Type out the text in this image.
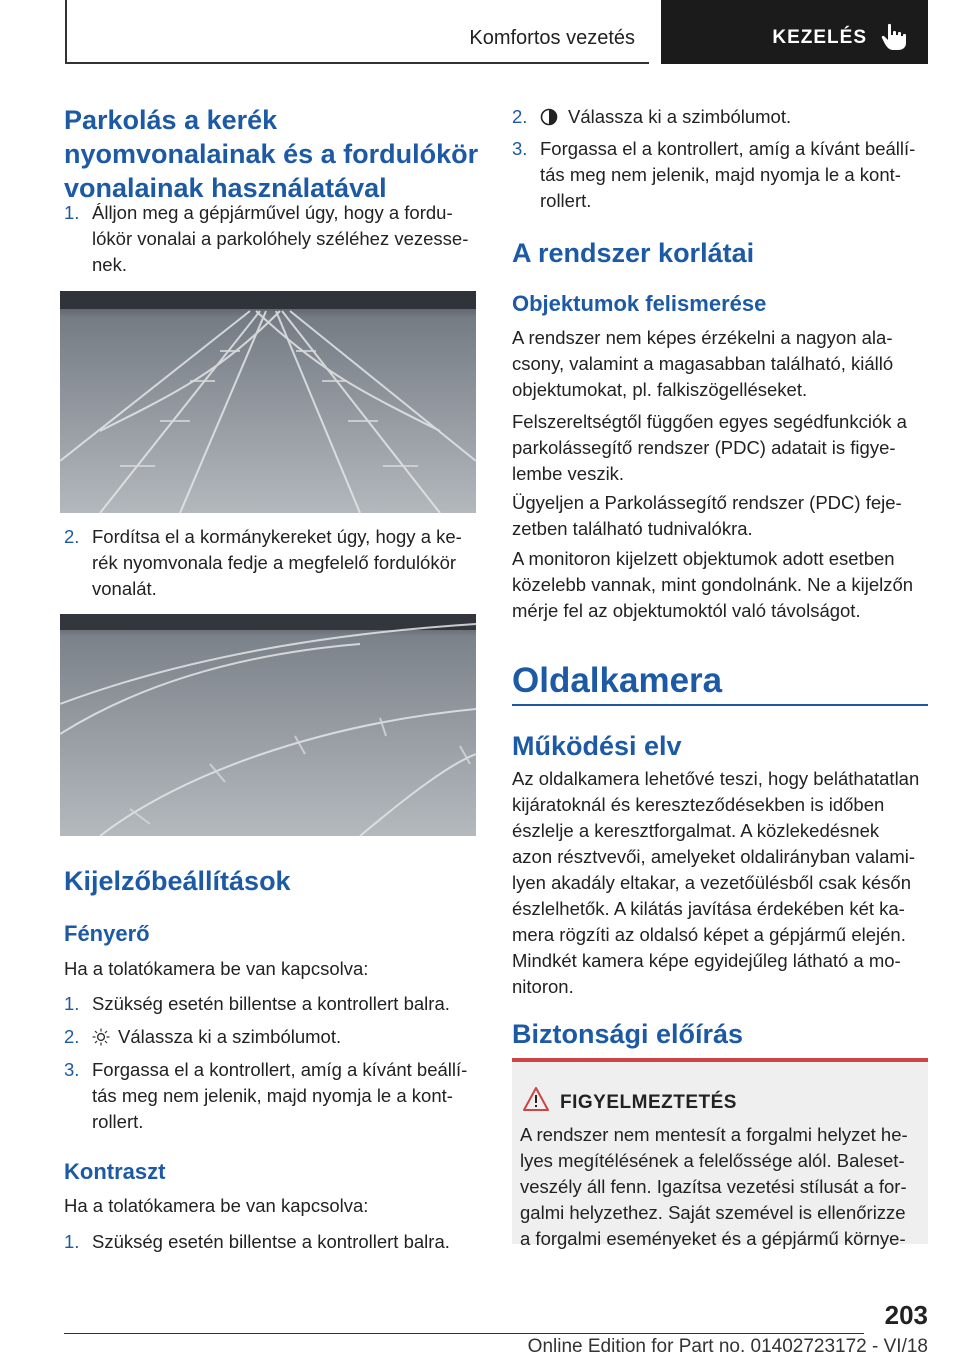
Komfortos vezetés	KEZELÉS
Parkolás a kerék
nyomvonalainak és a fordulókör
vonalainak használatával
1. Álljon meg a gépjárművel úgy, hogy a fordu‐
lókör vonalai a parkolóhely széléhez vezesse‐
nek.
2. Fordítsa el a kormánykereket úgy, hogy a ke‐
rék nyomvonala fedje a megfelelő fordulókör
vonalát.
Kijelzőbeállítások
Fényerő
Ha a tolatókamera be van kapcsolva:
1. Szükség esetén billentse a kontrollert balra.
2. Válassza ki a szimbólumot.
3. Forgassa el a kontrollert, amíg a kívánt beállí‐
tás meg nem jelenik, majd nyomja le a kont‐
rollert.
Kontraszt
Ha a tolatókamera be van kapcsolva:
1. Szükség esetén billentse a kontrollert balra.
2. Válassza ki a szimbólumot.
3. Forgassa el a kontrollert, amíg a kívánt beállí‐
tás meg nem jelenik, majd nyomja le a kont‐
rollert.
A rendszer korlátai
Objektumok felismerése
A rendszer nem képes érzékelni a nagyon ala‐
csony, valamint a magasabban található, kiálló
objektumokat, pl. falkiszögelléseket.
Felszereltségtől függően egyes segédfunkciók a
parkolássegítő rendszer (PDC) adatait is figye‐
lembe veszik.
Ügyeljen a Parkolássegítő rendszer (PDC) feje‐
zetben található tudnivalókra.
A monitoron kijelzett objektumok adott esetben
közelebb vannak, mint gondolnánk. Ne a kijelzőn
mérje fel az objektumoktól való távolságot.
Oldalkamera
Működési elv
Az oldalkamera lehetővé teszi, hogy beláthatatlan
kijáratoknál és kereszteződésekben is időben
észlelje a keresztforgalmat. A közlekedésnek
azon résztvevői, amelyeket oldalirányban valami‐
lyen akadály eltakar, a vezetőülésből csak későn
észlelhetők. A kilátás javítása érdekében két ka‐
mera rögzíti az oldalsó képet a gépjármű elején.
Mindkét kamera képe egyidejűleg látható a mo‐
nitoron.
Biztonsági előírás
FIGYELMEZTETÉS
A rendszer nem mentesít a forgalmi helyzet he‐
lyes megítélésének a felelőssége alól. Baleset‐
veszély áll fenn. Igazítsa vezetési stílusát a for‐
galmi helyzethez. Saját szemével is ellenőrizze
a forgalmi eseményeket és a gépjármű környe‐
203
Online Edition for Part no. 01402723172 - VI/18
